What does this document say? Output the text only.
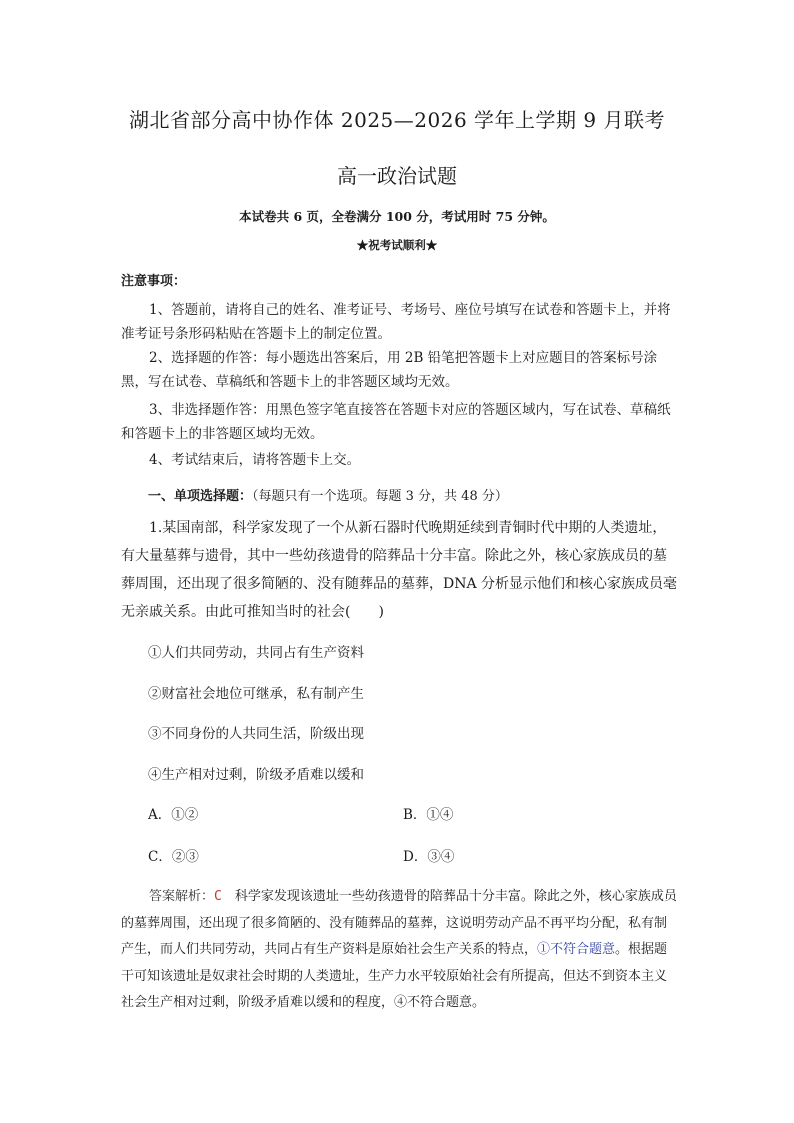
湖北省部分高中协作体 2025—2026 学年上学期 9 月联考
高一政治试题
本试卷共 6 页，全卷满分 100 分，考试用时 75 分钟。
★祝考试顺利★
注意事项：
1、答题前，请将自己的姓名、准考证号、考场号、座位号填写在试卷和答题卡上，并将准考证号条形码粘贴在答题卡上的制定位置。
2、选择题的作答：每小题选出答案后，用 2B 铅笔把答题卡上对应题目的答案标号涂黑，写在试卷、草稿纸和答题卡上的非答题区域均无效。
3、非选择题作答：用黑色签字笔直接答在答题卡对应的答题区域内，写在试卷、草稿纸和答题卡上的非答题区域均无效。
4、考试结束后，请将答题卡上交。
一、单项选择题：（每题只有一个选项。每题 3 分，共 48 分）
1.某国南部，科学家发现了一个从新石器时代晚期延续到青铜时代中期的人类遗址，有大量墓葬与遗骨，其中一些幼孩遗骨的陪葬品十分丰富。除此之外，核心家族成员的墓葬周围，还出现了很多简陋的、没有随葬品的墓葬，DNA 分析显示他们和核心家族成员毫无亲戚关系。由此可推知当时的社会(　　)
①人们共同劳动，共同占有生产资料
②财富社会地位可继承，私有制产生
③不同身份的人共同生活，阶级出现
④生产相对过剩，阶级矛盾难以缓和
A．①②	B．①④
C．②③	D．③④
答案解析：C　科学家发现该遗址一些幼孩遗骨的陪葬品十分丰富。除此之外，核心家族成员的墓葬周围，还出现了很多简陋的、没有随葬品的墓葬，这说明劳动产品不再平均分配，私有制产生，而人们共同劳动，共同占有生产资料是原始社会生产关系的特点，①不符合题意。根据题干可知该遗址是奴隶社会时期的人类遗址，生产力水平较原始社会有所提高，但达不到资本主义社会生产相对过剩，阶级矛盾难以缓和的程度，④不符合题意。
